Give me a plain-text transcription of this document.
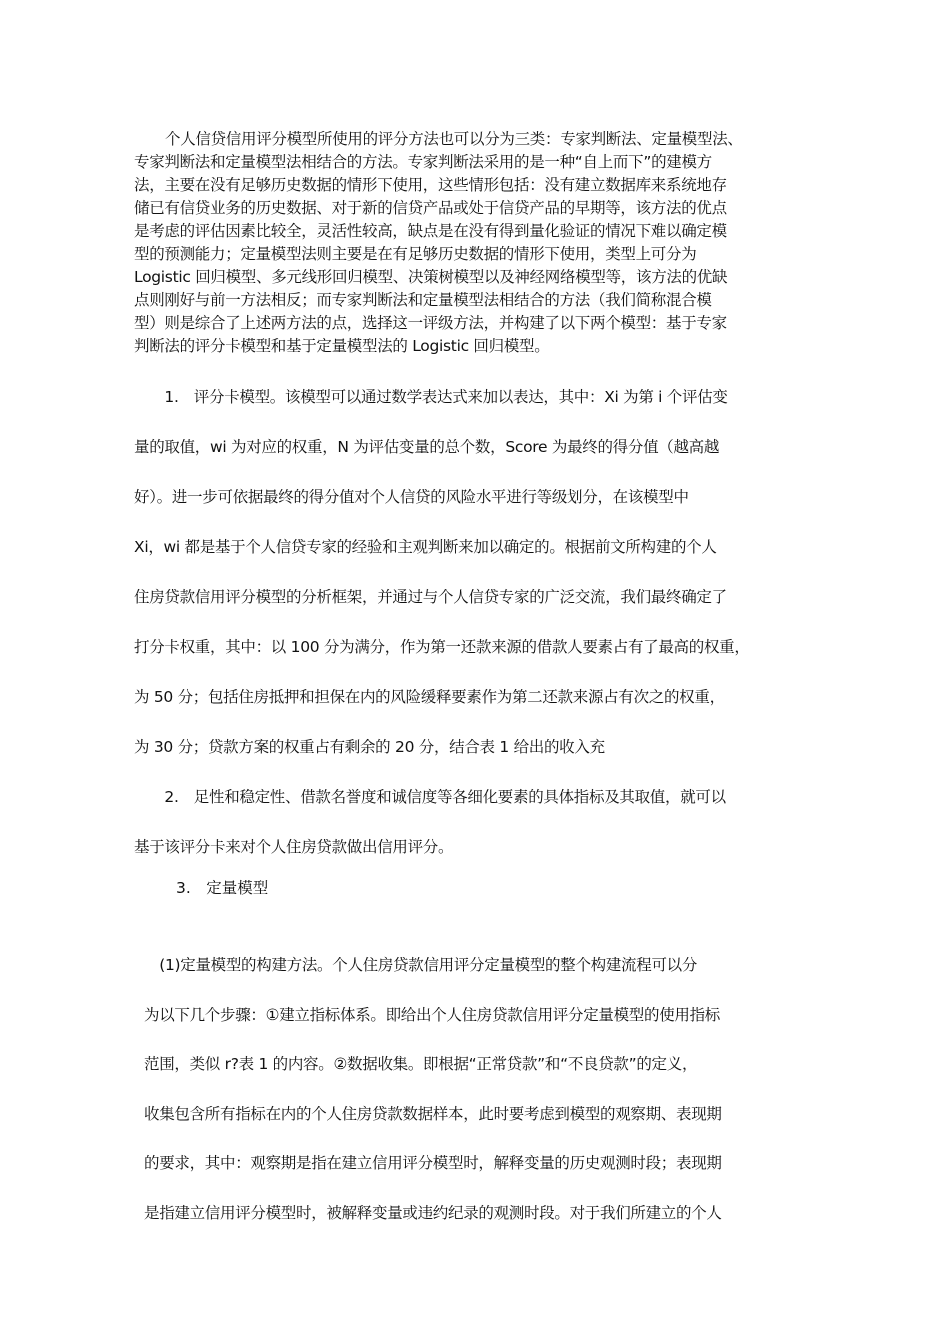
个人信贷信用评分模型所使用的评分方法也可以分为三类：专家判断法、定量模型法、
专家判断法和定量模型法相结合的方法。专家判断法采用的是一种“自上而下”的建模方
法，主要在没有足够历史数据的情形下使用，这些情形包括：没有建立数据库来系统地存
储已有信贷业务的历史数据、对于新的信贷产品或处于信贷产品的早期等，该方法的优点
是考虑的评估因素比较全，灵活性较高，缺点是在没有得到量化验证的情况下难以确定模
型的预测能力；定量模型法则主要是在有足够历史数据的情形下使用，类型上可分为
Logistic 回归模型、多元线形回归模型、决策树模型以及神经网络模型等，该方法的优缺
点则刚好与前一方法相反；而专家判断法和定量模型法相结合的方法（我们简称混合模
型）则是综合了上述两方法的点，选择这一评级方法，并构建了以下两个模型：基于专家
判断法的评分卡模型和基于定量模型法的 Logistic 回归模型。
　　1.　评分卡模型。该模型可以通过数学表达式来加以表达，其中：Xi 为第 i 个评估变
量的取值，wi 为对应的权重，N 为评估变量的总个数，Score 为最终的得分值（越高越
好）。进一步可依据最终的得分值对个人信贷的风险水平进行等级划分，在该模型中
Xi，wi 都是基于个人信贷专家的经验和主观判断来加以确定的。根据前文所构建的个人
住房贷款信用评分模型的分析框架，并通过与个人信贷专家的广泛交流，我们最终确定了
打分卡权重，其中：以 100 分为满分，作为第一还款来源的借款人要素占有了最高的权重，
为 50 分；包括住房抵押和担保在内的风险缓释要素作为第二还款来源占有次之的权重，
为 30 分；贷款方案的权重占有剩余的 20 分，结合表 1 给出的收入充
　　2.　足性和稳定性、借款名誉度和诚信度等各细化要素的具体指标及其取值，就可以
基于该评分卡来对个人住房贷款做出信用评分。
3.　定量模型
　(1)定量模型的构建方法。个人住房贷款信用评分定量模型的整个构建流程可以分
为以下几个步骤：①建立指标体系。即给出个人住房贷款信用评分定量模型的使用指标
范围，类似 r?表 1 的内容。②数据收集。即根据“正常贷款”和“不良贷款”的定义，
收集包含所有指标在内的个人住房贷款数据样本，此时要考虑到模型的观察期、表现期
的要求，其中：观察期是指在建立信用评分模型时，解释变量的历史观测时段；表现期
是指建立信用评分模型时，被解释变量或违约纪录的观测时段。对于我们所建立的个人
